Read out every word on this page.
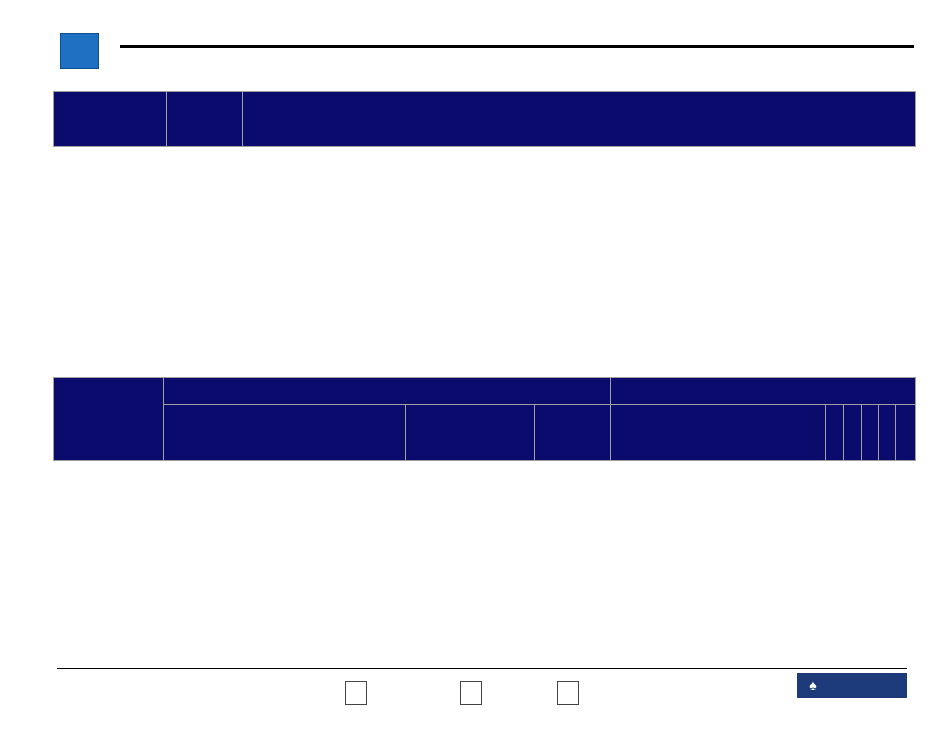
♠
